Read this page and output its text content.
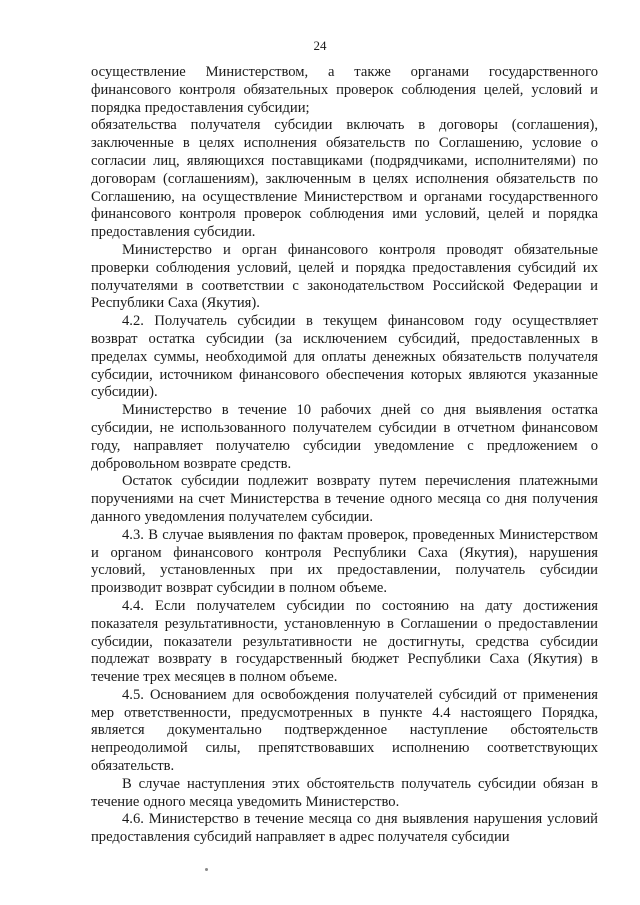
24

осуществление Министерством, а также органами государственного финансового контроля обязательных проверок соблюдения целей, условий и порядка предоставления субсидии;

обязательства получателя субсидии включать в договоры (соглашения), заключенные в целях исполнения обязательств по Соглашению, условие о согласии лиц, являющихся поставщиками (подрядчиками, исполнителями) по договорам (соглашениям), заключенным в целях исполнения обязательств по Соглашению, на осуществление Министерством и органами государственного финансового контроля проверок соблюдения ими условий, целей и порядка предоставления субсидии.

Министерство и орган финансового контроля проводят обязательные проверки соблюдения условий, целей и порядка предоставления субсидий их получателями в соответствии с законодательством Российской Федерации и Республики Саха (Якутия).

4.2. Получатель субсидии в текущем финансовом году осуществляет возврат остатка субсидии (за исключением субсидий, предоставленных в пределах суммы, необходимой для оплаты денежных обязательств получателя субсидии, источником финансового обеспечения которых являются указанные субсидии).

Министерство в течение 10 рабочих дней со дня выявления остатка субсидии, не использованного получателем субсидии в отчетном финансовом году, направляет получателю субсидии уведомление с предложением о добровольном возврате средств.

Остаток субсидии подлежит возврату путем перечисления платежными поручениями на счет Министерства в течение одного месяца со дня получения данного уведомления получателем субсидии.

4.3. В случае выявления по фактам проверок, проведенных Министерством и органом финансового контроля Республики Саха (Якутия), нарушения условий, установленных при их предоставлении, получатель субсидии производит возврат субсидии в полном объеме.

4.4. Если получателем субсидии по состоянию на дату достижения показателя результативности, установленную в Соглашении о предоставлении субсидии, показатели результативности не достигнуты, средства субсидии подлежат возврату в государственный бюджет Республики Саха (Якутия) в течение трех месяцев в полном объеме.

4.5. Основанием для освобождения получателей субсидий от применения мер ответственности, предусмотренных в пункте 4.4 настоящего Порядка, является документально подтвержденное наступление обстоятельств непреодолимой силы, препятствовавших исполнению соответствующих обязательств.

В случае наступления этих обстоятельств получатель субсидии обязан в течение одного месяца уведомить Министерство.

4.6. Министерство в течение месяца со дня выявления нарушения условий предоставления субсидий направляет в адрес получателя субсидии
